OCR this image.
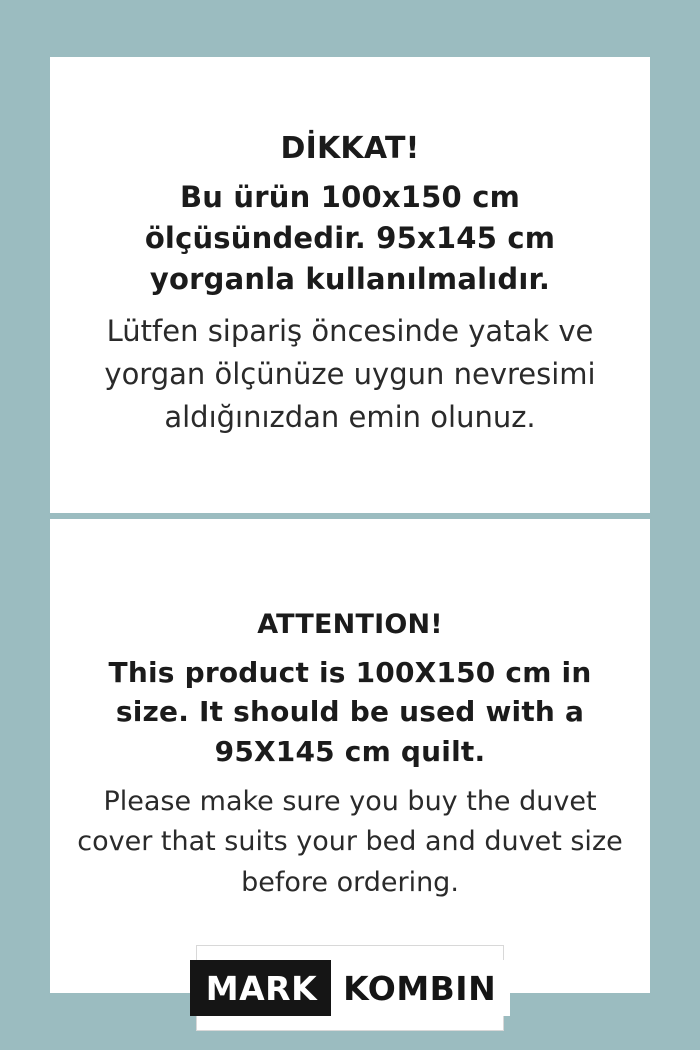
DİKKAT!
Bu ürün 100x150 cm ölçüsündedir. 95x145 cm yorganla kullanılmalıdır.
Lütfen sipariş öncesinde yatak ve yorgan ölçünüze uygun nevresimi aldığınızdan emin olunuz.
ATTENTION!
This product is 100X150 cm in size. It should be used with a 95X145 cm quilt.
Please make sure you buy the duvet cover that suits your bed and duvet size before ordering.
MARK KOMBIN
